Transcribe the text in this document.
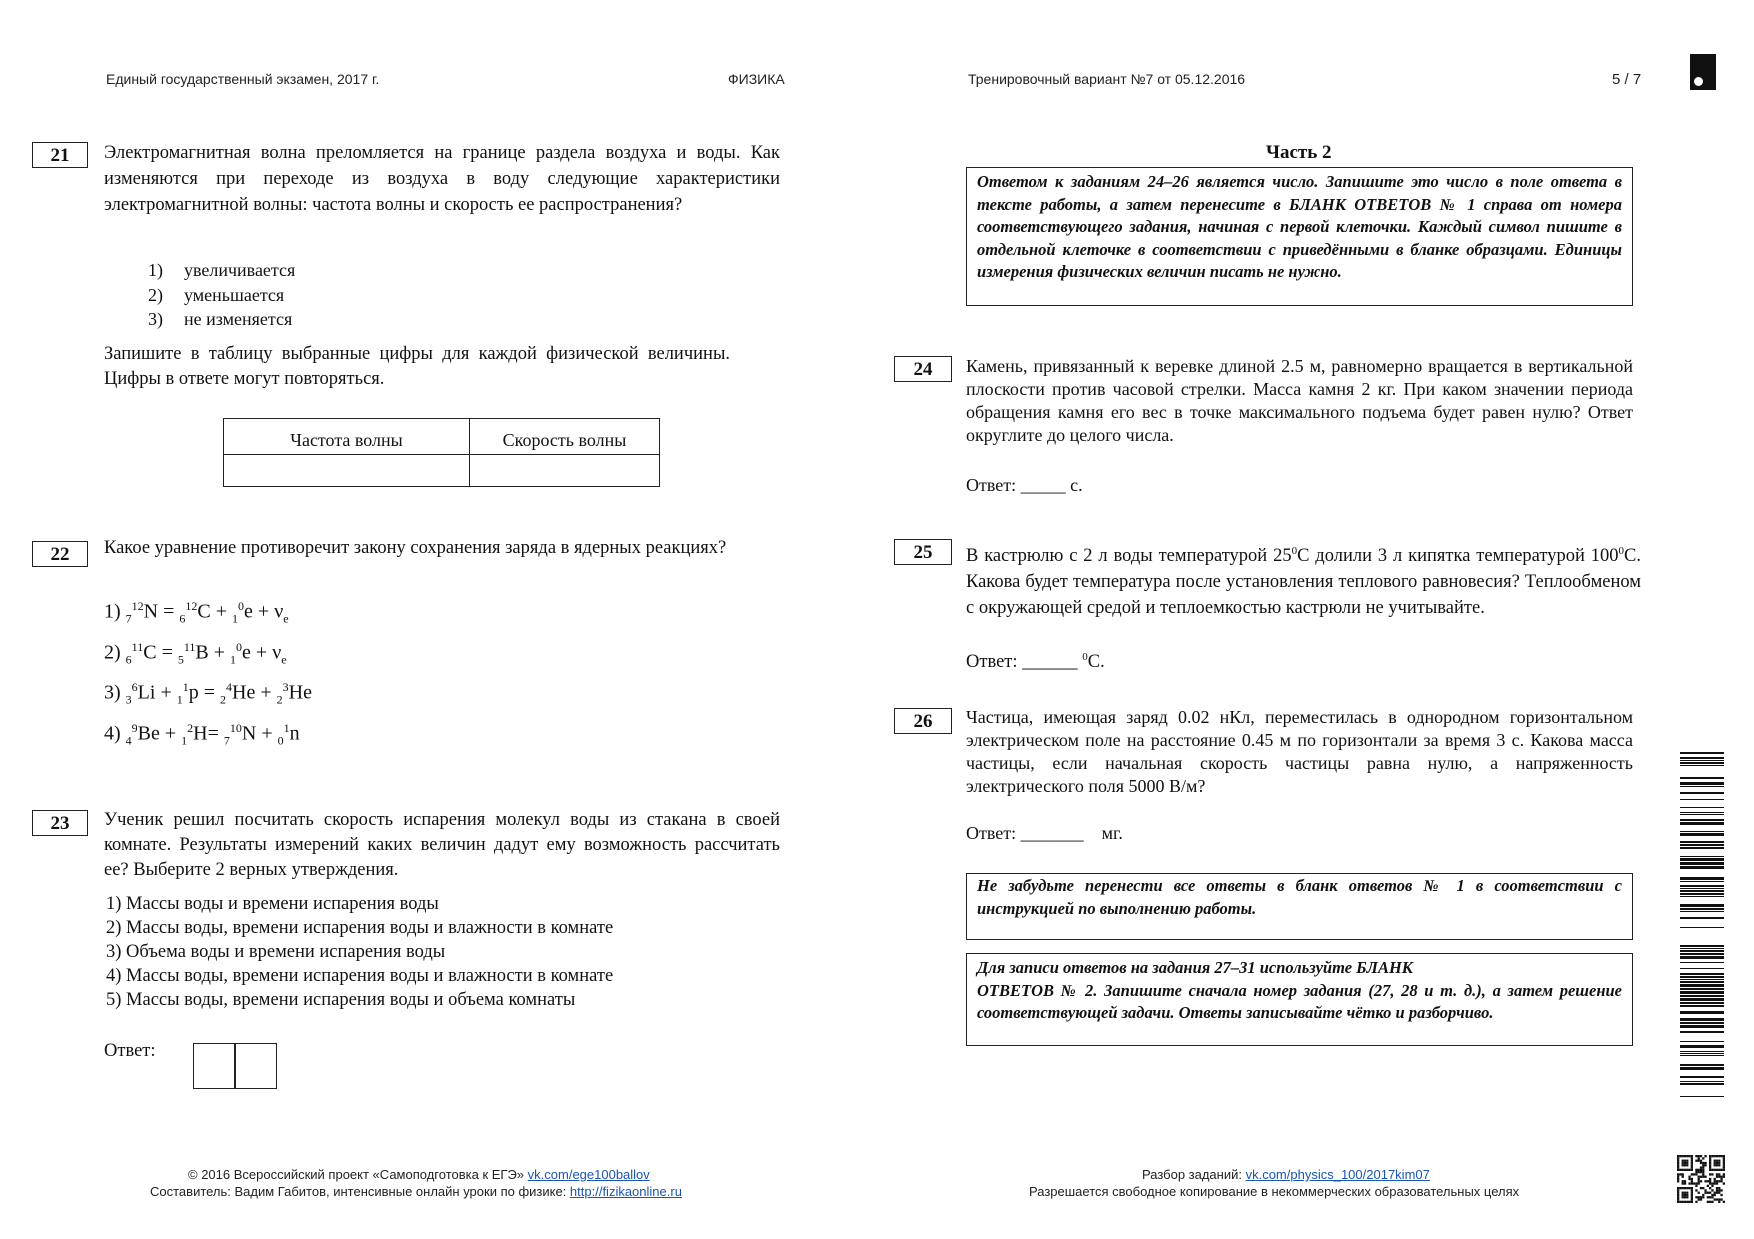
Единый государственный экзамен, 2017 г.	ФИЗИКА	Тренировочный вариант №7 от 05.12.2016	5 / 7
21	Электромагнитная волна преломляется на границе раздела воздуха и воды. Как изменяются при переходе из воздуха в воду следующие характеристики электромагнитной волны: частота волны и скорость ее распространения?
1) увеличивается
2) уменьшается
3) не изменяется
Запишите в таблицу выбранные цифры для каждой физической величины. Цифры в ответе могут повторяться.
Частота волны	Скорость волны

22	Какое уравнение противоречит закону сохранения заряда в ядерных реакциях?
1) $_7^{12}N = _6^{12}C + _1^0e + \nu_e$
2) $_6^{11}C = _5^{11}B + _1^0e + \nu_e$
3) $_3^6$Li + $_1^1$p = $_2^4$He + $_2^3$He
4) $_4^9$Be + $_1^2$H= $_7^{10}$N + $_0^1$n
23	Ученик решил посчитать скорость испарения молекул воды из стакана в своей комнате. Результаты измерений каких величин дадут ему возможность рассчитать ее? Выберите 2 верных утверждения.
1) Массы воды и времени испарения воды
2) Массы воды, времени испарения воды и влажности в комнате
3) Объема воды и времени испарения воды
4) Массы воды, времени испарения воды и влажности в комнате
5) Массы воды, времени испарения воды и объема комнаты
Ответ:
Часть 2
Ответом к заданиям 24–26 является число. Запишите это число в поле ответа в тексте работы, а затем перенесите в БЛАНК ОТВЕТОВ № 1 справа от номера соответствующего задания, начиная с первой клеточки. Каждый символ пишите в отдельной клеточке в соответствии с приведёнными в бланке образцами. Единицы измерения физических величин писать не нужно.
24	Камень, привязанный к веревке длиной 2.5 м, равномерно вращается в вертикальной плоскости против часовой стрелки. Масса камня 2 кг. При каком значении периода обращения камня его вес в точке максимального подъема будет равен нулю? Ответ округлите до целого числа.
Ответ: _____ с.
25	В кастрюлю с 2 л воды температурой $25^0С$ долили 3 л кипятка температурой $100^0С$. Какова будет температура после установления теплового равновесия? Теплообменом с окружающей средой и теплоемкостью кастрюли не учитывайте.
Ответ: ______ $^0$С.
26	Частица, имеющая заряд 0.02 нКл, переместилась в однородном горизонтальном электрическом поле на расстояние 0.45 м по горизонтали за время 3 с. Какова масса частицы, если начальная скорость частицы равна нулю, а напряженность электрического поля 5000 В/м?
Ответ: _______    мг.
Не забудьте перенести все ответы в бланк ответов № 1 в соответствии с инструкцией по выполнению работы.
Для записи ответов на задания 27–31 используйте БЛАНК
ОТВЕТОВ № 2. Запишите сначала номер задания (27, 28 и т. д.), а затем решение соответствующей задачи. Ответы записывайте чётко и разборчиво.
© 2016 Всероссийский проект «Самоподготовка к ЕГЭ» vk.com/ege100ballov
Составитель: Вадим Габитов, интенсивные онлайн уроки по физике: http://fizikaonline.ru
Разбор заданий: vk.com/physics_100/2017kim07
Разрешается свободное копирование в некоммерческих образовательных целях
